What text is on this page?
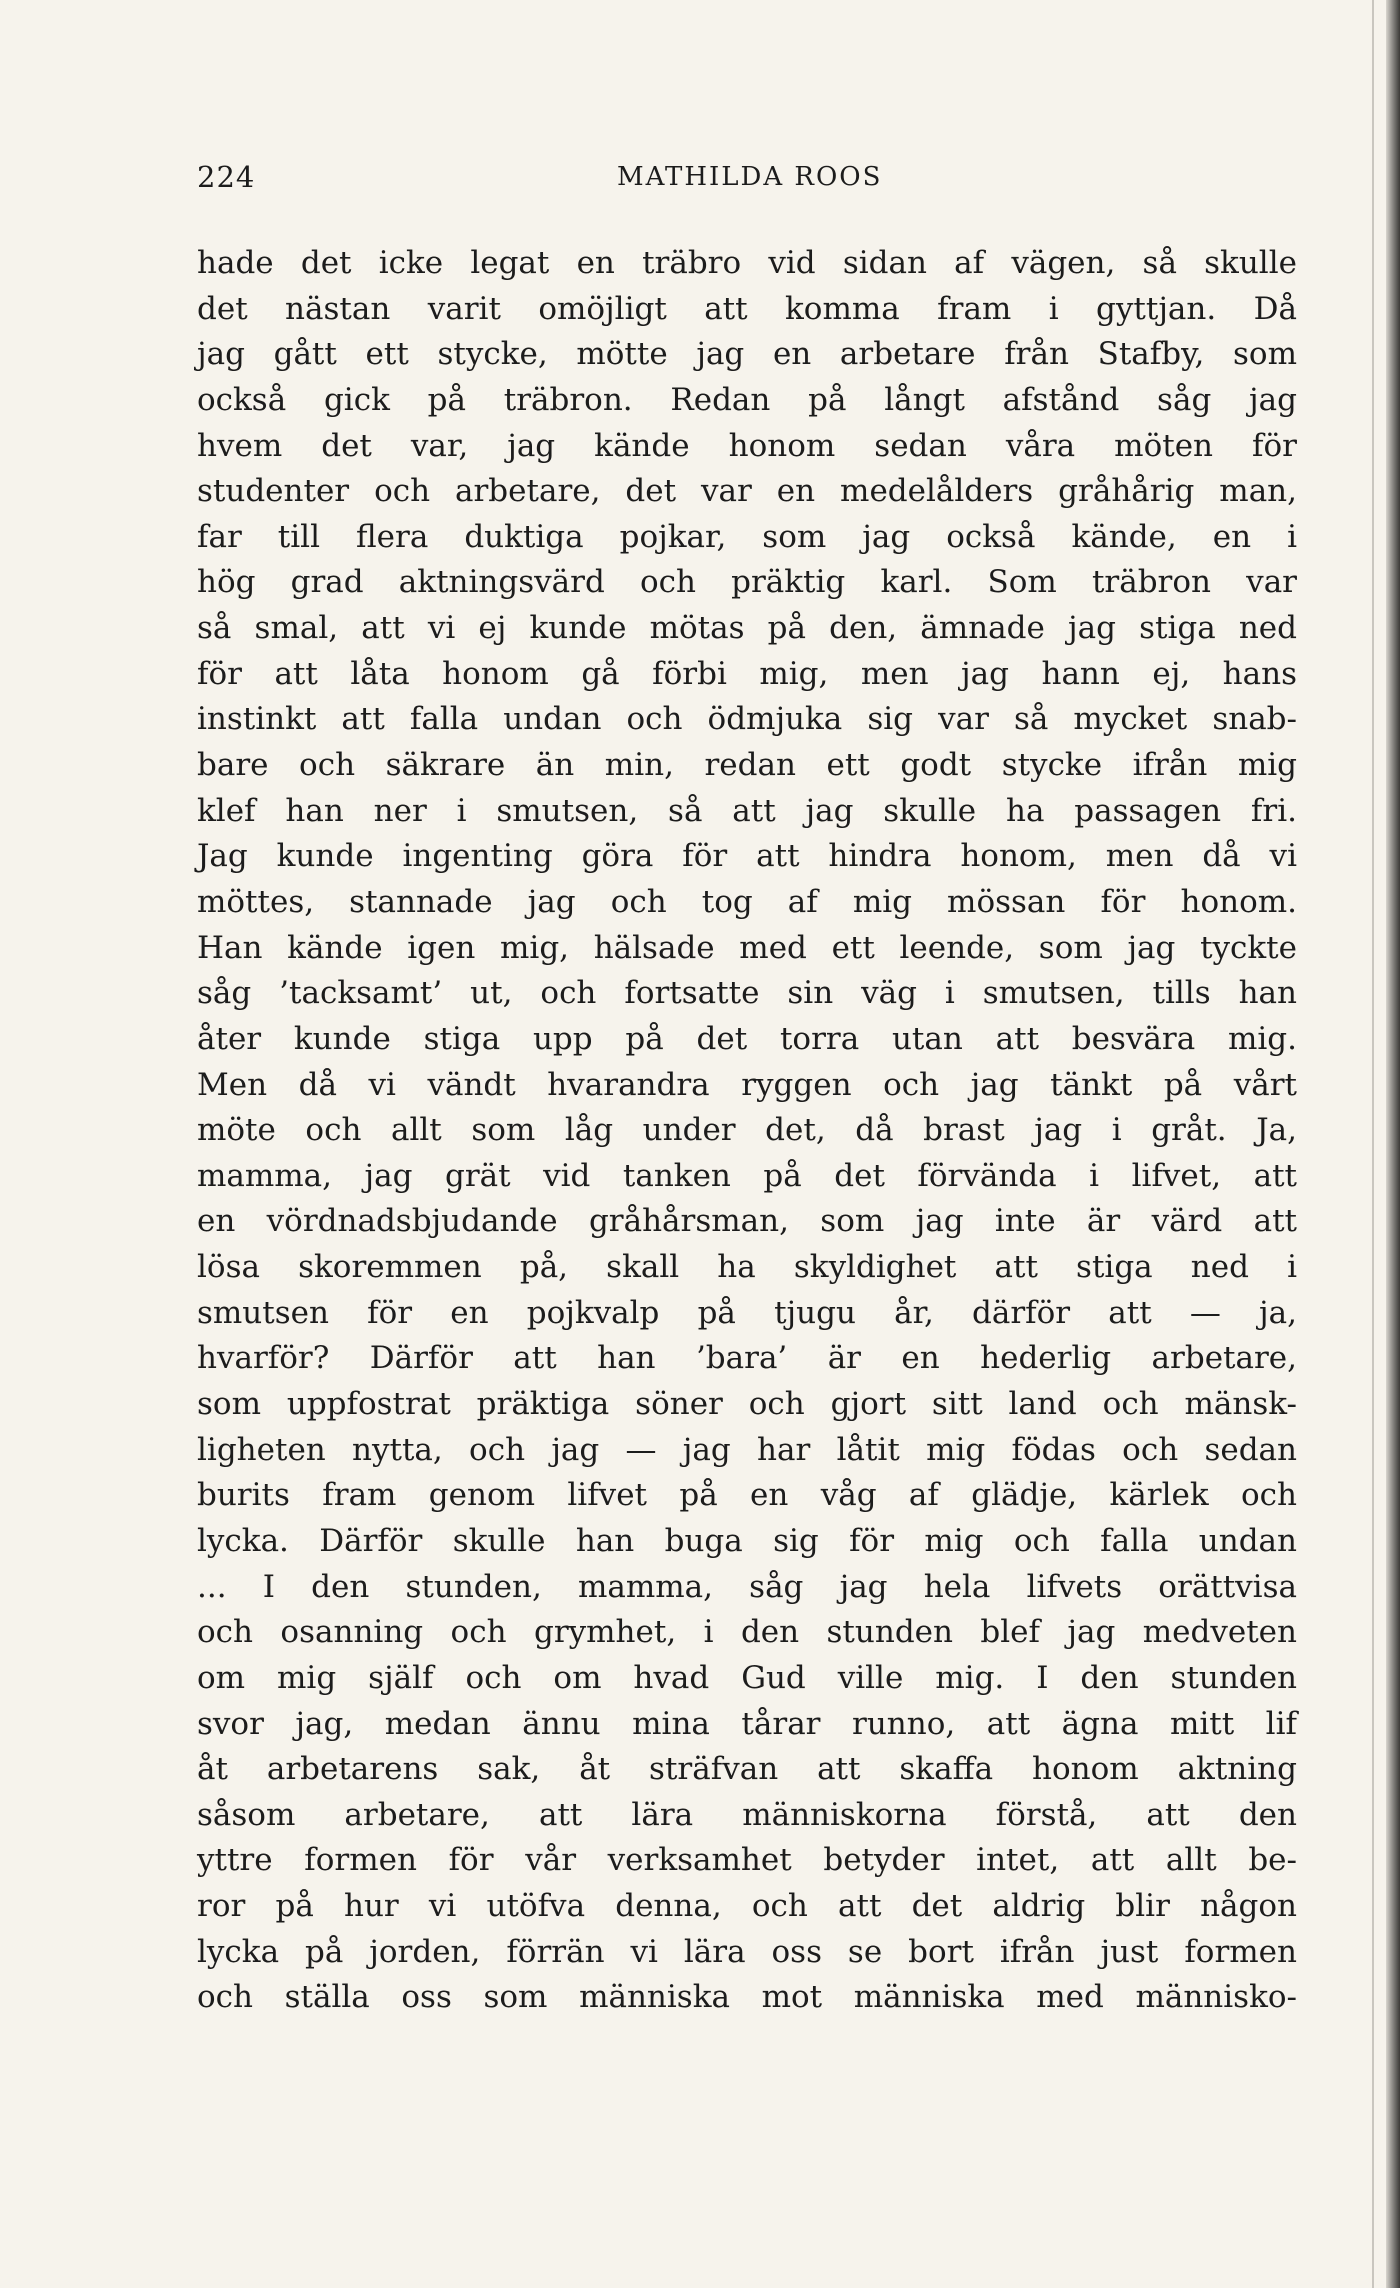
224	MATHILDA ROOS
hade det icke legat en träbro vid sidan af vägen, så skulle
det nästan varit omöjligt att komma fram i gyttjan. Då
jag gått ett stycke, mötte jag en arbetare från Stafby, som
också gick på träbron. Redan på långt afstånd såg jag
hvem det var, jag kände honom sedan våra möten för
studenter och arbetare, det var en medelålders gråhårig man,
far till flera duktiga pojkar, som jag också kände, en i
hög grad aktningsvärd och präktig karl. Som träbron var
så smal, att vi ej kunde mötas på den, ämnade jag stiga ned
för att låta honom gå förbi mig, men jag hann ej, hans
instinkt att falla undan och ödmjuka sig var så mycket snab-
bare och säkrare än min, redan ett godt stycke ifrån mig
klef han ner i smutsen, så att jag skulle ha passagen fri.
Jag kunde ingenting göra för att hindra honom, men då vi
möttes, stannade jag och tog af mig mössan för honom.
Han kände igen mig, hälsade med ett leende, som jag tyckte
såg ’tacksamt’ ut, och fortsatte sin väg i smutsen, tills han
åter kunde stiga upp på det torra utan att besvära mig.
Men då vi vändt hvarandra ryggen och jag tänkt på vårt
möte och allt som låg under det, då brast jag i gråt. Ja,
mamma, jag grät vid tanken på det förvända i lifvet, att
en vördnadsbjudande gråhårsman, som jag inte är värd att
lösa skoremmen på, skall ha skyldighet att stiga ned i
smutsen för en pojkvalp på tjugu år, därför att — ja,
hvarför? Därför att han ’bara’ är en hederlig arbetare,
som uppfostrat präktiga söner och gjort sitt land och mänsk-
ligheten nytta, och jag — jag har låtit mig födas och sedan
burits fram genom lifvet på en våg af glädje, kärlek och
lycka. Därför skulle han buga sig för mig och falla undan
... I den stunden, mamma, såg jag hela lifvets orättvisa
och osanning och grymhet, i den stunden blef jag medveten
om mig själf och om hvad Gud ville mig. I den stunden
svor jag, medan ännu mina tårar runno, att ägna mitt lif
åt arbetarens sak, åt sträfvan att skaffa honom aktning
såsom arbetare, att lära människorna förstå, att den
yttre formen för vår verksamhet betyder intet, att allt be-
ror på hur vi utöfva denna, och att det aldrig blir någon
lycka på jorden, förrän vi lära oss se bort ifrån just formen
och ställa oss som människa mot människa med människo-
